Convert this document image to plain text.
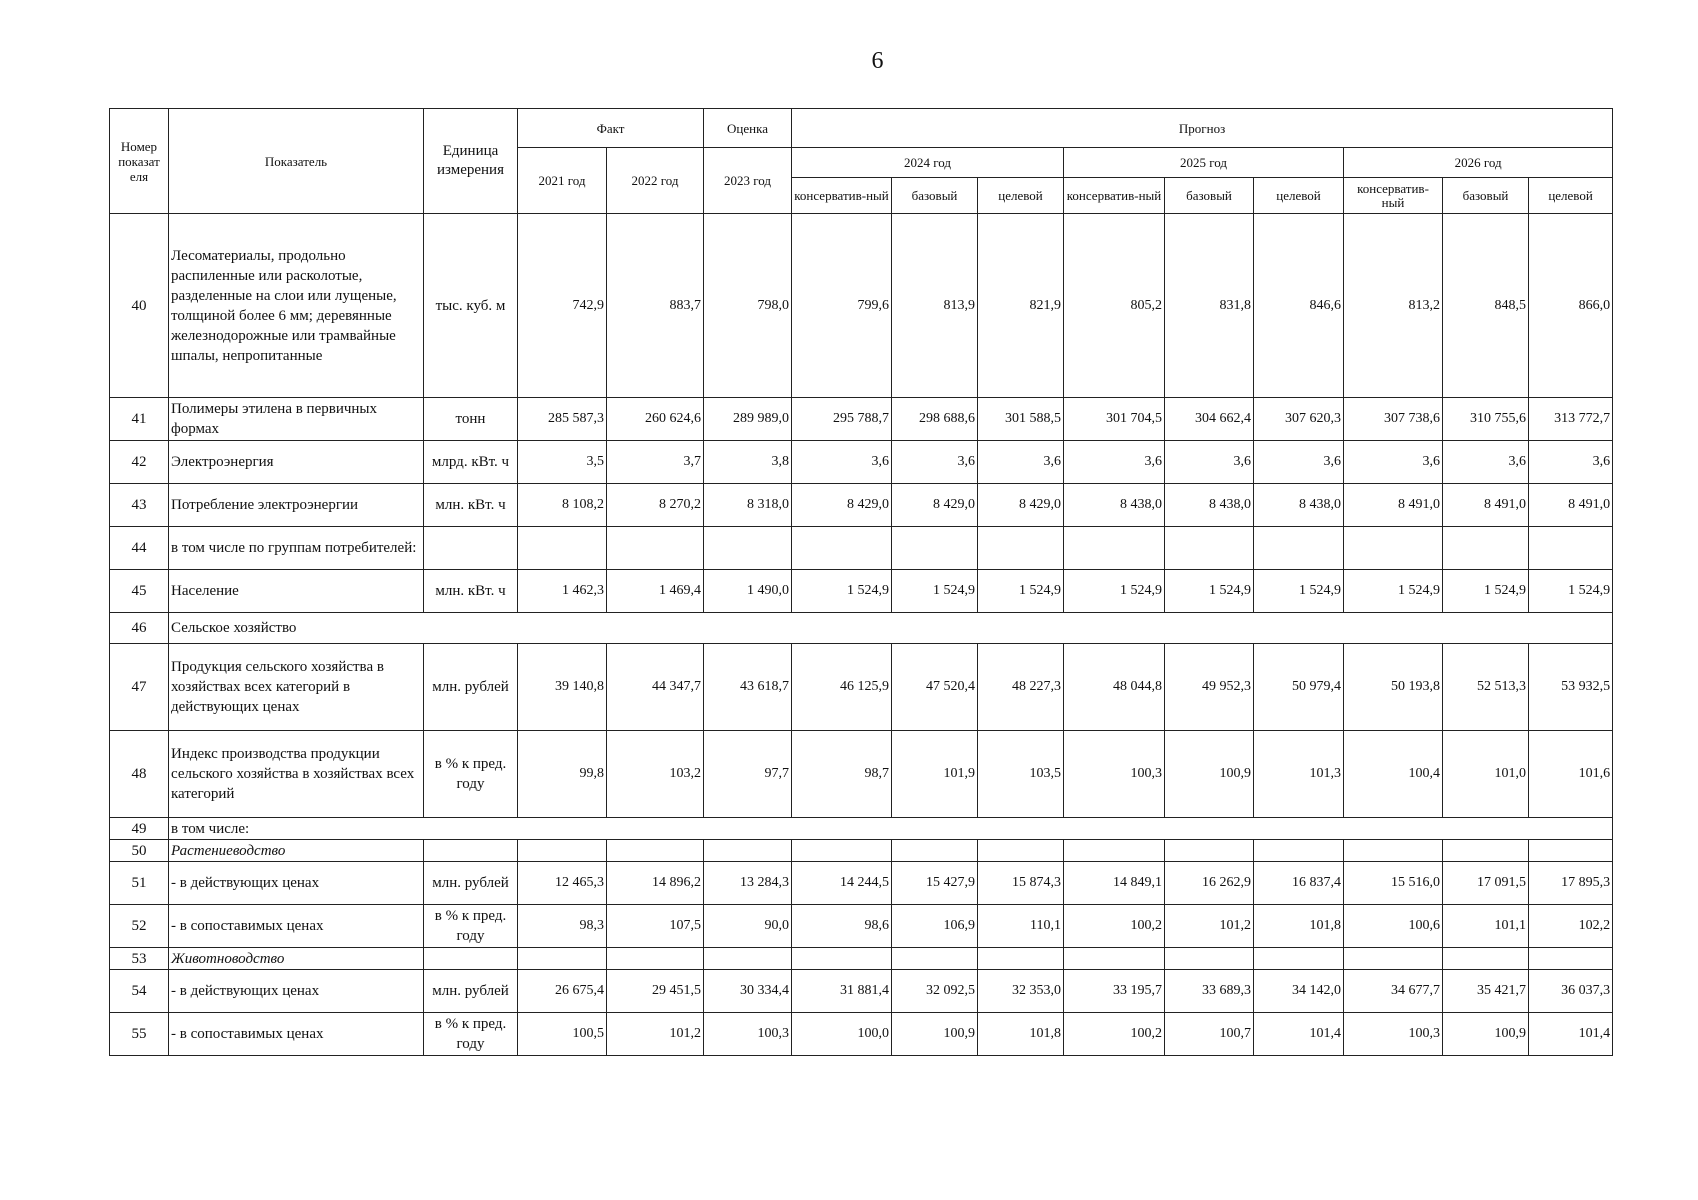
6
Номер показат еля	Показатель	Единица измерения	Факт		Оценка	Прогноз								
			2021 год	2022 год	2023 год	2024 год			2025 год			2026 год		
						консерватив-ный	базовый	целевой	консерватив-ный	базовый	целевой	консерватив-ный	базовый	целевой
40	Лесоматериалы, продольно распиленные или расколотые, разделенные на слои или лущеные, толщиной более 6 мм; деревянные железнодорожные или трамвайные шпалы, непропитанные	тыс. куб. м	742,9	883,7	798,0	799,6	813,9	821,9	805,2	831,8	846,6	813,2	848,5	866,0
41	Полимеры этилена в первичных формах	тонн	285 587,3	260 624,6	289 989,0	295 788,7	298 688,6	301 588,5	301 704,5	304 662,4	307 620,3	307 738,6	310 755,6	313 772,7
42	Электроэнергия	млрд. кВт. ч	3,5	3,7	3,8	3,6	3,6	3,6	3,6	3,6	3,6	3,6	3,6	3,6
43	Потребление электроэнергии	млн. кВт. ч	8 108,2	8 270,2	8 318,0	8 429,0	8 429,0	8 429,0	8 438,0	8 438,0	8 438,0	8 491,0	8 491,0	8 491,0
44	в том числе по группам потребителей:													
45	Население	млн. кВт. ч	1 462,3	1 469,4	1 490,0	1 524,9	1 524,9	1 524,9	1 524,9	1 524,9	1 524,9	1 524,9	1 524,9	1 524,9
46	Сельское хозяйство													
47	Продукция сельского хозяйства в хозяйствах всех категорий в действующих ценах	млн. рублей	39 140,8	44 347,7	43 618,7	46 125,9	47 520,4	48 227,3	48 044,8	49 952,3	50 979,4	50 193,8	52 513,3	53 932,5
48	Индекс производства продукции сельского хозяйства в хозяйствах всех категорий	в % к пред. году	99,8	103,2	97,7	98,7	101,9	103,5	100,3	100,9	101,3	100,4	101,0	101,6
49	в том числе:													
50	Растениеводство													
51	- в действующих ценах	млн. рублей	12 465,3	14 896,2	13 284,3	14 244,5	15 427,9	15 874,3	14 849,1	16 262,9	16 837,4	15 516,0	17 091,5	17 895,3
52	- в сопоставимых ценах	в % к пред. году	98,3	107,5	90,0	98,6	106,9	110,1	100,2	101,2	101,8	100,6	101,1	102,2
53	Животноводство													
54	- в действующих ценах	млн. рублей	26 675,4	29 451,5	30 334,4	31 881,4	32 092,5	32 353,0	33 195,7	33 689,3	34 142,0	34 677,7	35 421,7	36 037,3
55	- в сопоставимых ценах	в % к пред. году	100,5	101,2	100,3	100,0	100,9	101,8	100,2	100,7	101,4	100,3	100,9	101,4
